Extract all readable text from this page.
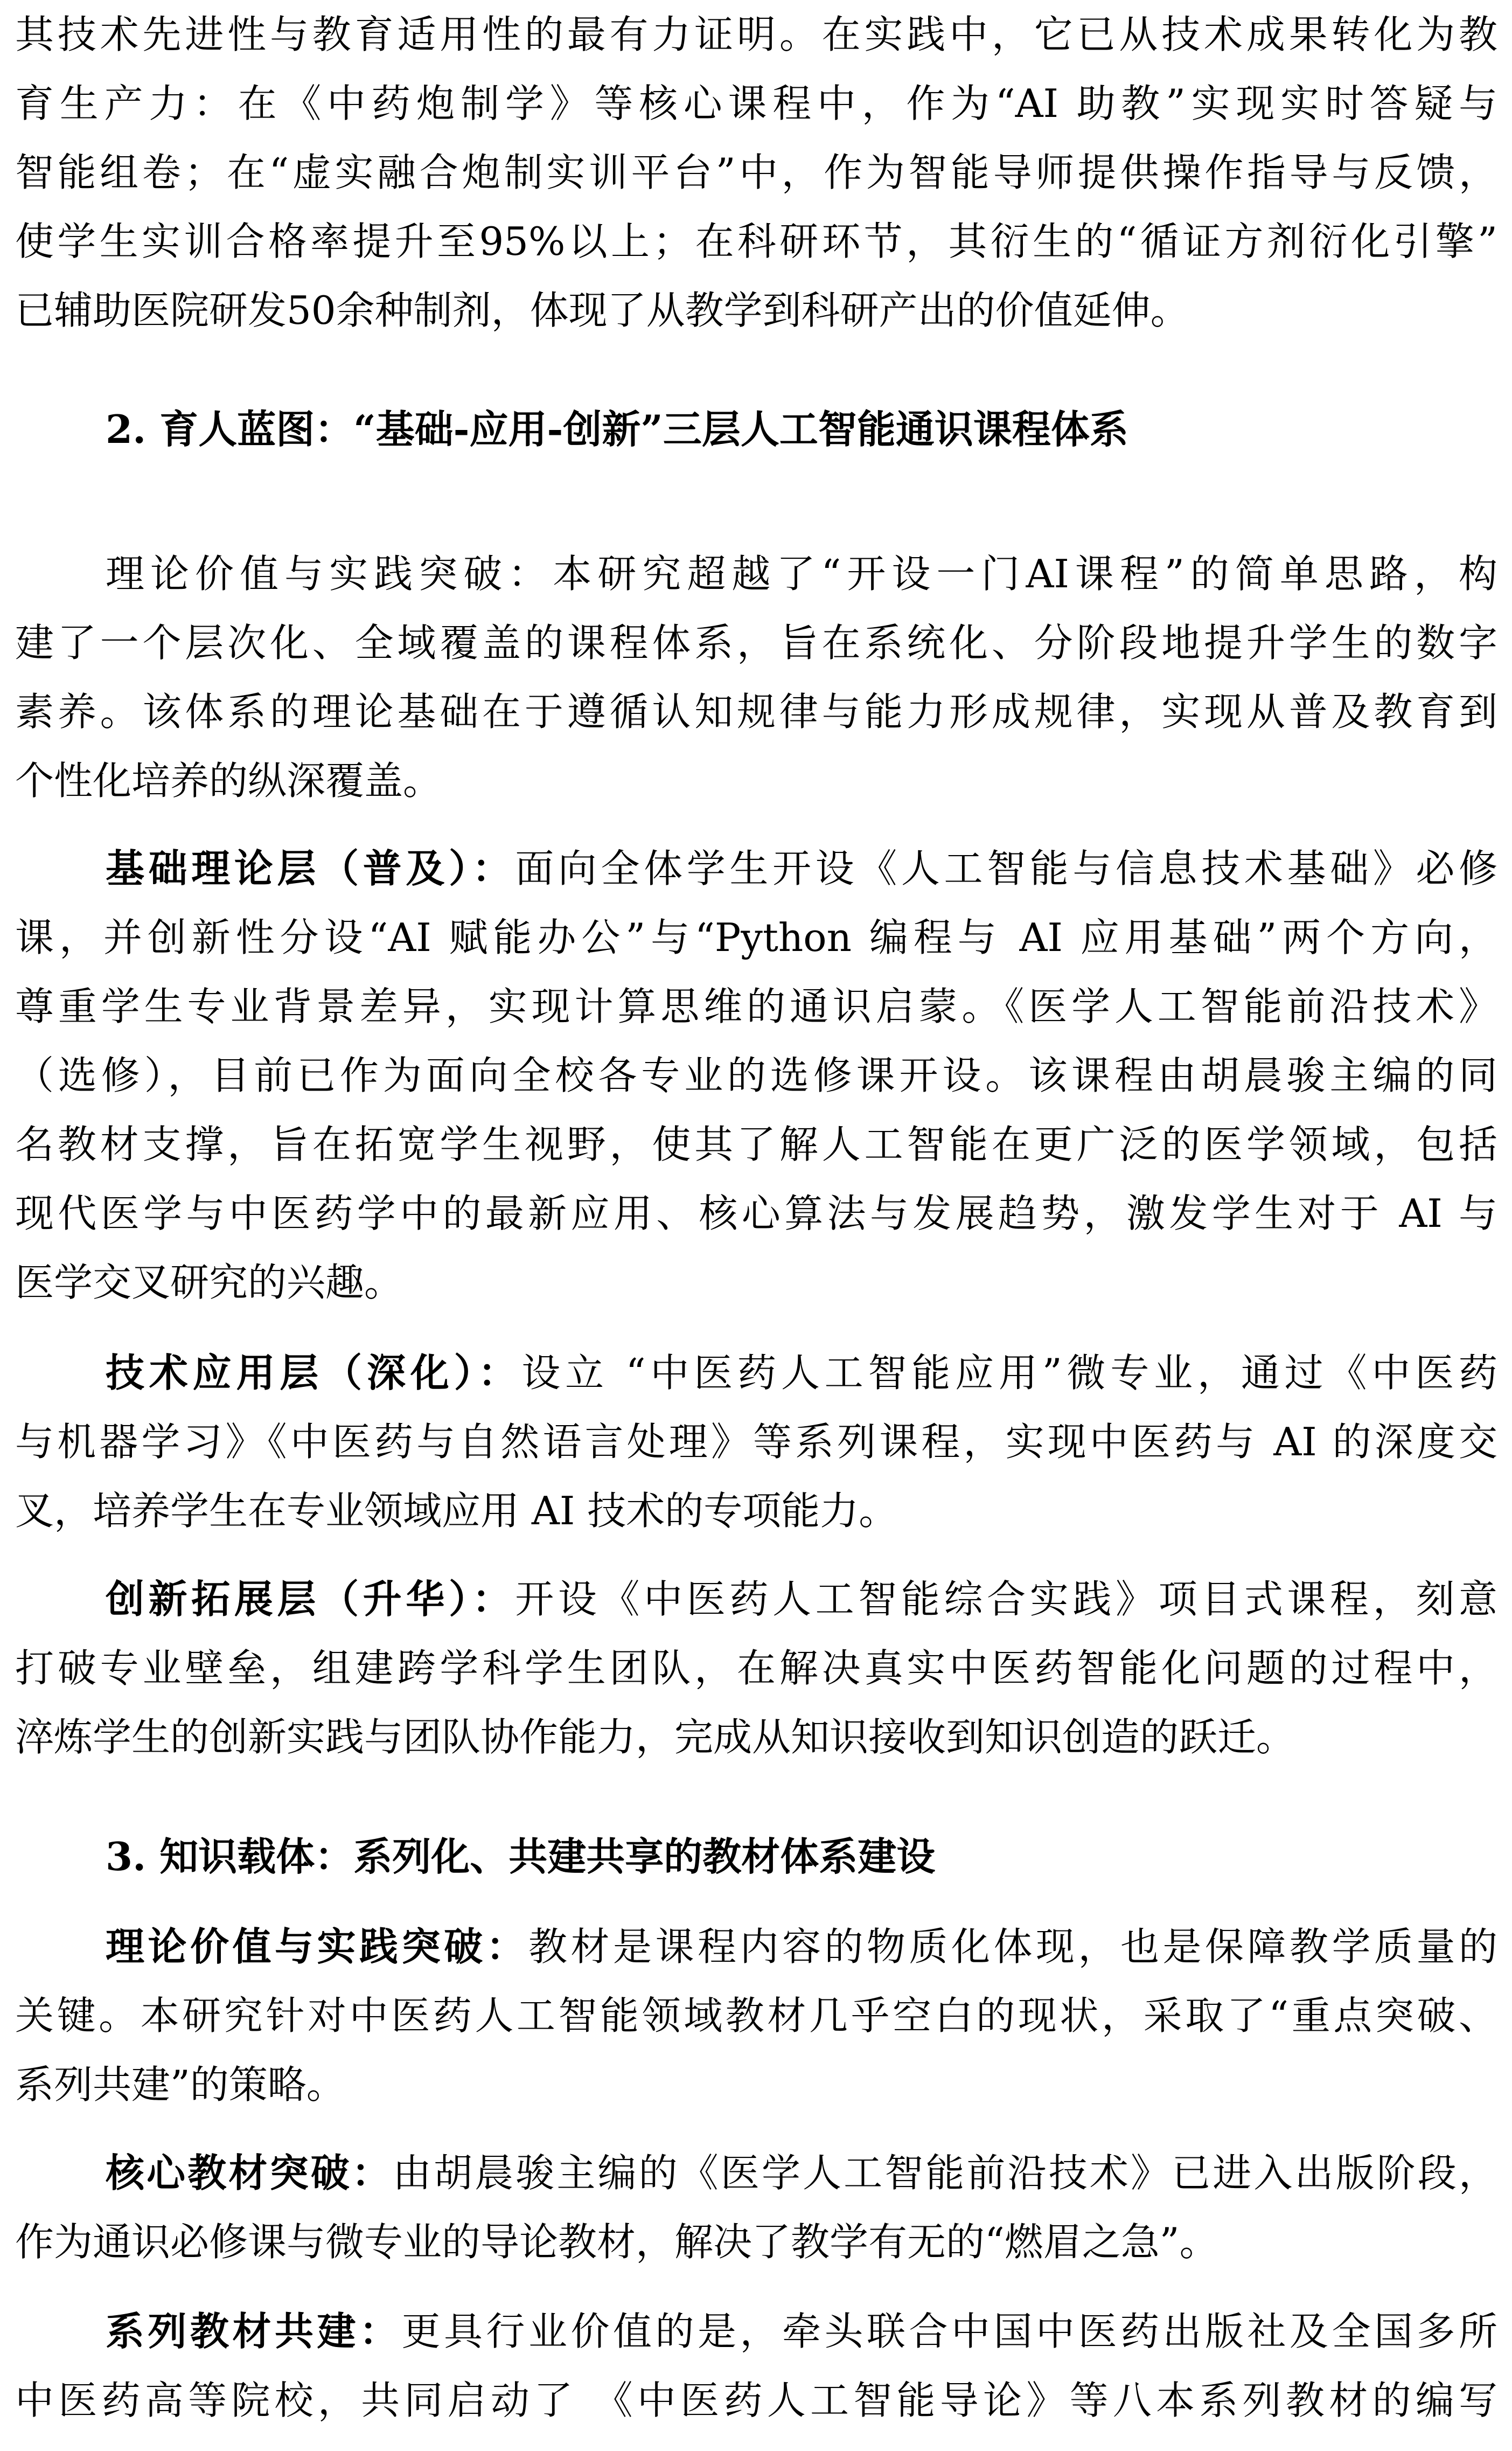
其技术先进性与教育适用性的最有力证明。在实践中，它已从技术成果转化为教
育生产力：在《中药炮制学》等核心课程中，作为“AI 助教”实现实时答疑与
智能组卷；在“虚实融合炮制实训平台”中，作为智能导师提供操作指导与反馈，
使学生实训合格率提升至95%以上；在科研环节，其衍生的“循证方剂衍化引擎”
已辅助医院研发50余种制剂，体现了从教学到科研产出的价值延伸。
2. 育人蓝图：“基础-应用-创新”三层人工智能通识课程体系
理论价值与实践突破：本研究超越了“开设一门AI课程”的简单思路，构
建了一个层次化、全域覆盖的课程体系，旨在系统化、分阶段地提升学生的数字
素养。该体系的理论基础在于遵循认知规律与能力形成规律，实现从普及教育到
个性化培养的纵深覆盖。
基础理论层（普及）：面向全体学生开设《人工智能与信息技术基础》必修
课，并创新性分设“AI 赋能办公”与“Python 编程与 AI 应用基础”两个方向，
尊重学生专业背景差异，实现计算思维的通识启蒙。《医学人工智能前沿技术》
（选修），目前已作为面向全校各专业的选修课开设。该课程由胡晨骏主编的同
名教材支撑，旨在拓宽学生视野，使其了解人工智能在更广泛的医学领域，包括
现代医学与中医药学中的最新应用、核心算法与发展趋势，激发学生对于 AI 与
医学交叉研究的兴趣。
技术应用层（深化）：设立 “中医药人工智能应用”微专业，通过《中医药
与机器学习》《中医药与自然语言处理》等系列课程，实现中医药与 AI 的深度交
叉，培养学生在专业领域应用 AI 技术的专项能力。
创新拓展层（升华）：开设《中医药人工智能综合实践》项目式课程，刻意
打破专业壁垒，组建跨学科学生团队，在解决真实中医药智能化问题的过程中，
淬炼学生的创新实践与团队协作能力，完成从知识接收到知识创造的跃迁。
3. 知识载体：系列化、共建共享的教材体系建设
理论价值与实践突破：教材是课程内容的物质化体现，也是保障教学质量的
关键。本研究针对中医药人工智能领域教材几乎空白的现状，采取了“重点突破、
系列共建”的策略。
核心教材突破：由胡晨骏主编的《医学人工智能前沿技术》已进入出版阶段，
作为通识必修课与微专业的导论教材，解决了教学有无的“燃眉之急”。
系列教材共建：更具行业价值的是，牵头联合中国中医药出版社及全国多所
中医药高等院校，共同启动了 《中医药人工智能导论》等八本系列教材的编写
